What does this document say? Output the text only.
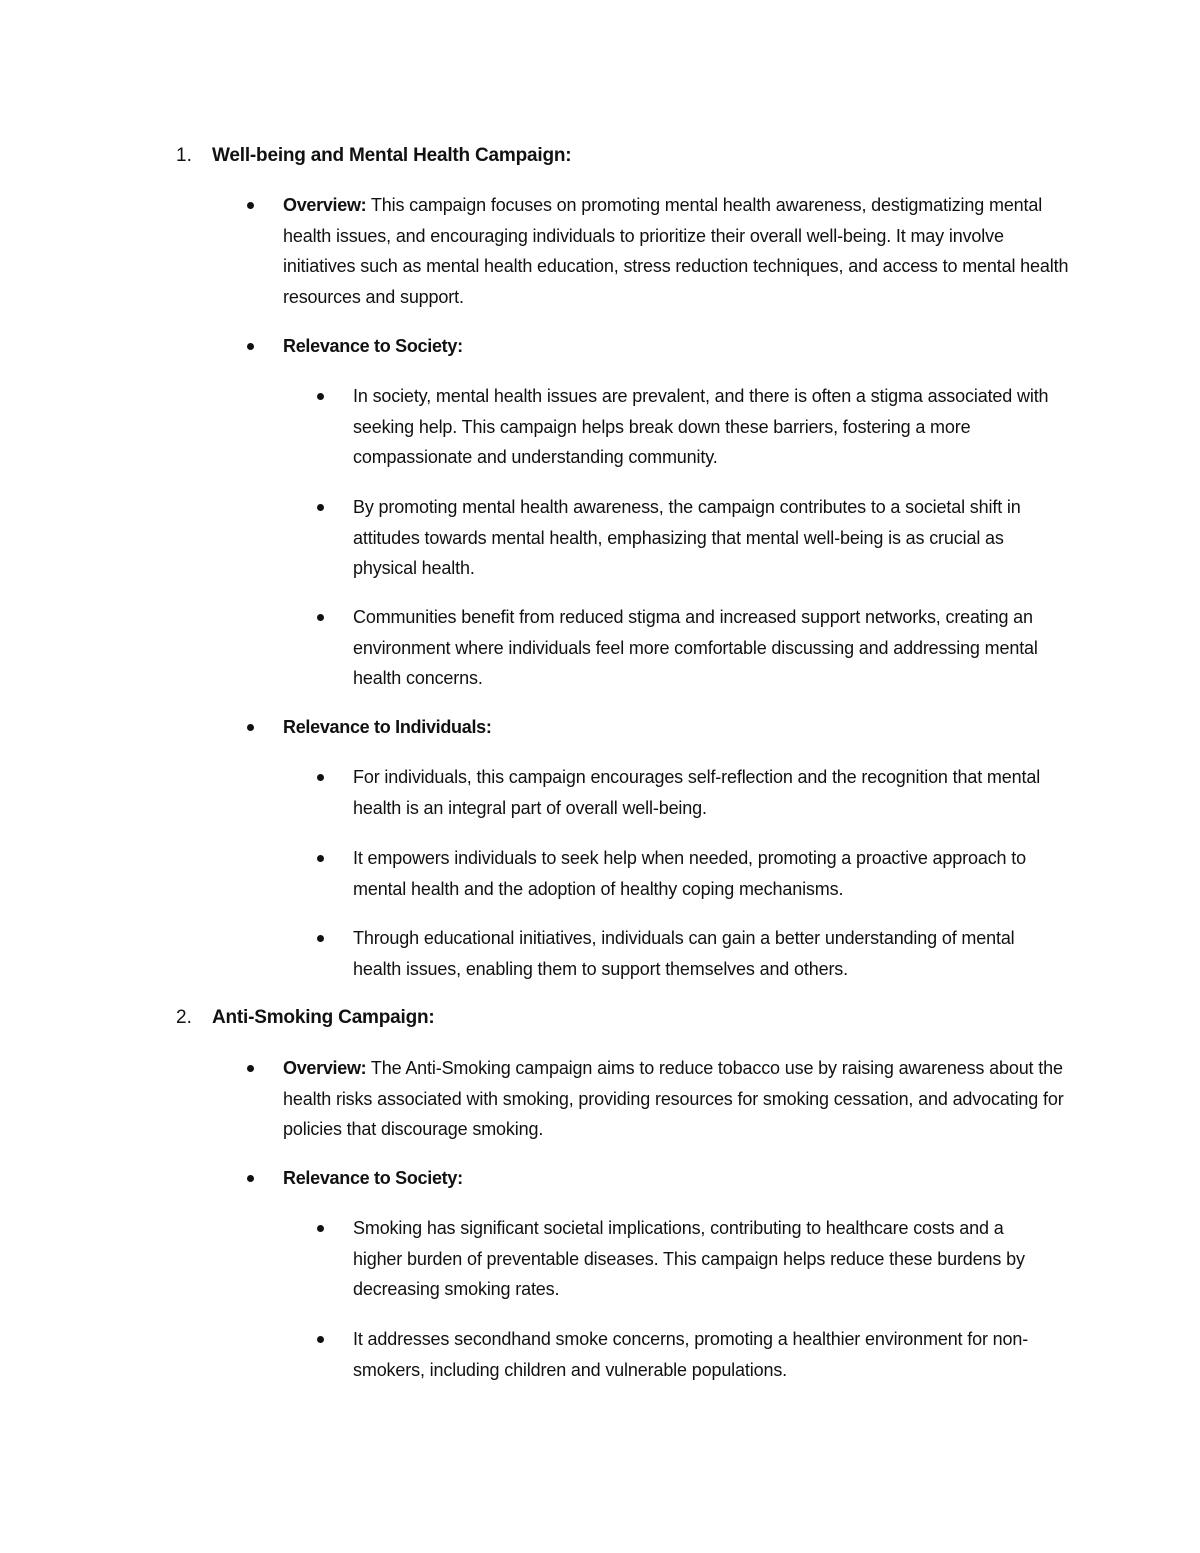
1. Well-being and Mental Health Campaign:
Overview: This campaign focuses on promoting mental health awareness, destigmatizing mental health issues, and encouraging individuals to prioritize their overall well-being. It may involve initiatives such as mental health education, stress reduction techniques, and access to mental health resources and support.
Relevance to Society:
In society, mental health issues are prevalent, and there is often a stigma associated with seeking help. This campaign helps break down these barriers, fostering a more compassionate and understanding community.
By promoting mental health awareness, the campaign contributes to a societal shift in attitudes towards mental health, emphasizing that mental well-being is as crucial as physical health.
Communities benefit from reduced stigma and increased support networks, creating an environment where individuals feel more comfortable discussing and addressing mental health concerns.
Relevance to Individuals:
For individuals, this campaign encourages self-reflection and the recognition that mental health is an integral part of overall well-being.
It empowers individuals to seek help when needed, promoting a proactive approach to mental health and the adoption of healthy coping mechanisms.
Through educational initiatives, individuals can gain a better understanding of mental health issues, enabling them to support themselves and others.
2. Anti-Smoking Campaign:
Overview: The Anti-Smoking campaign aims to reduce tobacco use by raising awareness about the health risks associated with smoking, providing resources for smoking cessation, and advocating for policies that discourage smoking.
Relevance to Society:
Smoking has significant societal implications, contributing to healthcare costs and a higher burden of preventable diseases. This campaign helps reduce these burdens by decreasing smoking rates.
It addresses secondhand smoke concerns, promoting a healthier environment for non-smokers, including children and vulnerable populations.
